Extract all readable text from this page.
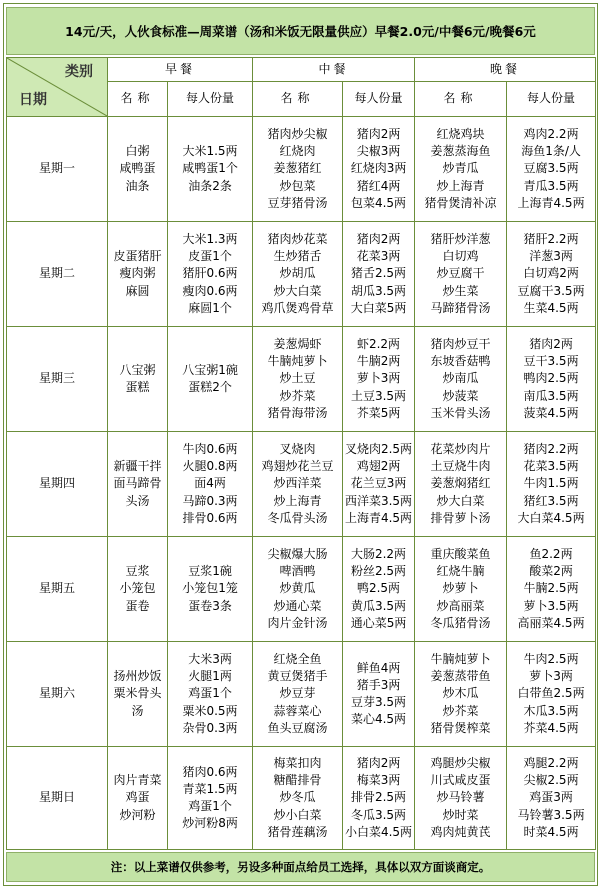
14元/天，人伙食标准—周菜谱（汤和米饭无限量供应）早餐2.0元/中餐6元/晚餐6元
类别
日期	早餐		中餐		晚餐	
	名称	每人份量	名称	每人份量	名称	每人份量
星期一	白粥
咸鸭蛋
油条	大米1.5两
咸鸭蛋1个
油条2条	猪肉炒尖椒
红烧肉
姜葱猪红
炒包菜
豆芽猪骨汤	猪肉2两
尖椒3两
红烧肉3两
猪红4两
包菜4.5两	红烧鸡块
姜葱蒸海鱼
炒青瓜
炒上海青
猪骨煲清补凉	鸡肉2.2两
海鱼1条/人
豆腐3.5两
青瓜3.5两
上海青4.5两

星期二	皮蛋猪肝
瘦肉粥
麻圆	大米1.3两
皮蛋1个
猪肝0.6两
瘦肉0.6两
麻圆1个	猪肉炒花菜
生炒猪舌
炒胡瓜
炒大白菜
鸡爪煲鸡骨草	猪肉2两
花菜3两
猪舌2.5两
胡瓜3.5两
大白菜5两	猪肝炒洋葱
白切鸡
炒豆腐干
炒生菜
马蹄猪骨汤	猪肝2.2两
洋葱3两
白切鸡2两
豆腐干3.5两
生菜4.5两

星期三	八宝粥
蛋糕	八宝粥1碗
蛋糕2个	姜葱焗虾
牛腩炖萝卜
炒土豆
炒芥菜
猪骨海带汤	虾2.2两
牛腩2两
萝卜3两
土豆3.5两
芥菜5两	猪肉炒豆干
东坡香菇鸭
炒南瓜
炒菠菜
玉米骨头汤	猪肉2两
豆干3.5两
鸭肉2.5两
南瓜3.5两
菠菜4.5两

星期四	新疆干拌
面马蹄骨
头汤	牛肉0.6两
火腿0.8两
面4两
马蹄0.3两
排骨0.6两	叉烧肉
鸡翅炒花兰豆
炒西洋菜
炒上海青
冬瓜骨头汤	叉烧肉2.5两
鸡翅2两
花兰豆3两
西洋菜3.5两
上海青4.5两	花菜炒肉片
土豆烧牛肉
姜葱焖猪红
炒大白菜
排骨萝卜汤	猪肉2.2两
花菜3.5两
牛肉1.5两
猪红3.5两
大白菜4.5两

星期五	豆浆
小笼包
蛋卷	豆浆1碗
小笼包1笼
蛋卷3条	尖椒爆大肠
啤酒鸭
炒黄瓜
炒通心菜
肉片金针汤	大肠2.2两
粉丝2.5两
鸭2.5两
黄瓜3.5两
通心菜5两	重庆酸菜鱼
红烧牛腩
炒萝卜
炒高丽菜
冬瓜猪骨汤	鱼2.2两
酸菜2两
牛腩2.5两
萝卜3.5两
高丽菜4.5两

星期六	扬州炒饭
粟米骨头
汤	大米3两
火腿1两
鸡蛋1个
粟米0.5两
杂骨0.3两	红烧全鱼
黄豆煲猪手
炒豆芽
蒜蓉菜心
鱼头豆腐汤	鲜鱼4两
猪手3两
豆芽3.5两
菜心4.5两	牛腩炖萝卜
姜葱蒸带鱼
炒木瓜
炒芥菜
猪骨煲榨菜	牛肉2.5两
萝卜3两
白带鱼2.5两
木瓜3.5两
芥菜4.5两

星期日	肉片青菜
鸡蛋
炒河粉	猪肉0.6两
青菜1.5两
鸡蛋1个
炒河粉8两	梅菜扣肉
糖醋排骨
炒冬瓜
炒小白菜
猪骨莲藕汤	猪肉2两
梅菜3两
排骨2.5两
冬瓜3.5两
小白菜4.5两	鸡腿炒尖椒
川式咸皮蛋
炒马铃薯
炒时菜
鸡肉炖黄芪	鸡腿2.2两
尖椒2.5两
鸡蛋3两
马铃薯3.5两
时菜4.5两
注：以上菜谱仅供参考，另设多种面点给员工选择，具体以双方面谈商定。
